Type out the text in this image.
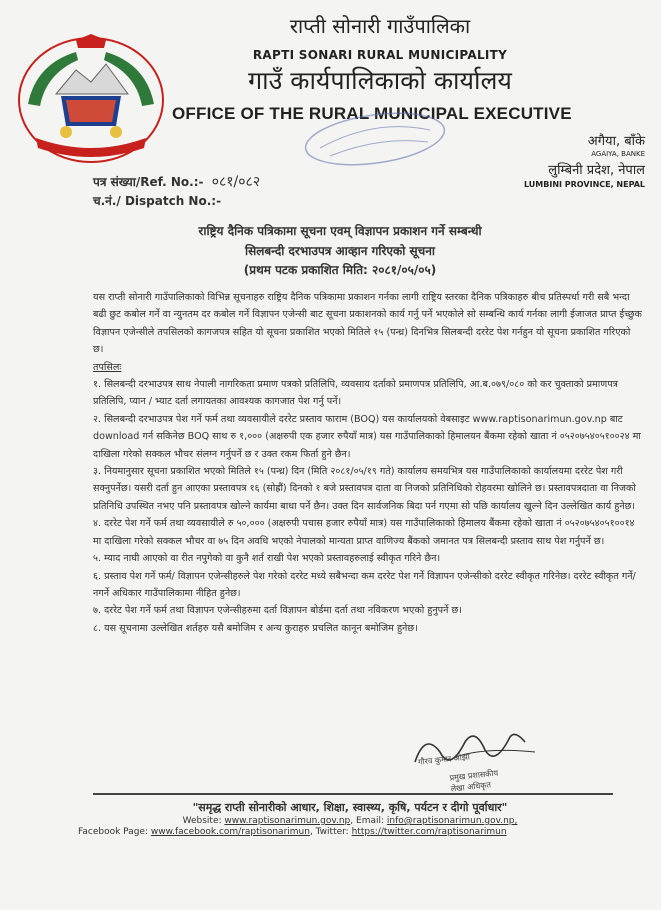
राप्ती सोनारी गाउँपालिका
RAPTI SONARI RURAL MUNICIPALITY
गाउँ कार्यपालिकाको कार्यालय
OFFICE OF THE RURAL MUNICIPAL EXECUTIVE
अगैया, बाँके
AGAIYA, BANKE
लुम्बिनी प्रदेश, नेपाल
LUMBINI PROVINCE, NEPAL
पत्र संख्या/Ref. No.:- ०८१/०८२
च.नं./ Dispatch No.:-
राष्ट्रिय दैनिक पत्रिकामा सूचना एवम् विज्ञापन प्रकाशन गर्ने सम्बन्धी
सिलबन्दी दरभाउपत्र आव्हान गरिएको सूचना
(प्रथम पटक प्रकाशित मिति: २०८१/०५/०५)

यस राप्ती सोनारी गाउँपालिकाको विभिन्न सूचनाहरु राष्ट्रिय दैनिक पत्रिकामा प्रकाशन गर्नका लागी राष्ट्रिय स्तरका दैनिक पत्रिकाहरु बीच प्रतिस्पर्धा गरी सबै भन्दा बढी छुट कबोल गर्ने वा न्युनतम दर कबोल गर्ने विज्ञापन एजेन्सी बाट सूचना प्रकाशनको कार्य गर्नु पर्ने भएकोले सो सम्बन्धि कार्य गर्नका लागी ईजाजत प्राप्त ईच्छुक विज्ञापन एजेन्सीले तपसिलको कागजपत्र सहित यो सूचना प्रकाशित भएको मितिले १५ (पन्ध्र) दिनभित्र सिलबन्दी दररेट पेश गर्नहुन यो सूचना प्रकाशित गरिएको छ।

तपसिलः

१. सिलबन्दी दरभाउपत्र साथ नेपाली नागरिकता प्रमाण पत्रको प्रतिलिपि, व्यवसाय दर्ताको प्रमाणपत्र प्रतिलिपि, आ.ब.०७९/०८० को कर चुक्ताको प्रमाणपत्र प्रतिलिपि, प्यान / भ्याट दर्ता लगायतका आवश्यक कागजात पेश गर्नु पर्ने।

२. सिलबन्दी दरभाउपत्र पेश गर्ने फर्म तथा व्यवसायीले दररेट प्रस्ताव फाराम (BOQ) यस कार्यालयको वेबसाइट www.raptisonarimun.gov.np बाट download गर्न सकिनेछ BOQ साथ रु १,००० (अक्षरुपी एक हजार रुपैयाँ मात्र) यस गाउँपालिकाको हिमालयन बैंकमा रहेको खाता नं ०५२०७५४०५१००२४ मा दाखिला गरेको सक्कल भौचर संलग्न गर्नुपर्ने छ र उक्त रकम फिर्ता हुने छैन।

३. नियमानुसार सूचना प्रकाशित भएको मितिले १५ (पन्ध्र) दिन (मिति २०८१/०५/१९ गते) कार्यालय समयभित्र यस गाउँपालिकाको कार्यालयमा दररेट पेश गरी सक्नुपर्नेछ। यसरी दर्ता हुन आएका प्रस्तावपत्र १६ (सोह्रौं) दिनको १ बजे प्रस्तावपत्र दाता वा निजको प्रतिनिधिको रोहवरमा खोलिने छ। प्रस्तावपत्रदाता वा निजको प्रतिनिधि उपस्थित नभए पनि प्रस्तावपत्र खोल्ने कार्यमा बाधा पर्ने छैन। उक्त दिन सार्वजनिक बिदा पर्न गएमा सो पछि कार्यालय खुल्ने दिन उल्लेखित कार्य हुनेछ।

४. दररेट पेश गर्ने फर्म तथा व्यवसायीले रु ५०,००० (अक्षरुपी पचास हजार रुपैयाँ मात्र) यस गाउँपालिकाको हिमालय बैंकमा रहेको खाता नं ०५२०७५४०५१००१४ मा दाखिला गरेको सक्कल भौचर वा ७५ दिन अवधि भएको नेपालको मान्यता प्राप्त वाणिज्य बैंकको जमानत पत्र सिलबन्दी प्रस्ताव साथ पेश गर्नुपर्ने छ।

५. म्याद नाघी आएको वा रीत नपुगेको वा कुनै शर्त राखी पेश भएको प्रस्तावहरुलाई स्वीकृत गरिने छैन।

६. प्रस्ताव पेश गर्ने फर्म/ विज्ञापन एजेन्सीहरुले पेश गरेको दररेट मध्ये सबैभन्दा कम दररेट पेश गर्ने विज्ञापन एजेन्सीको दररेट स्वीकृत गरिनेछ। दररेट स्वीकृत गर्ने/नगर्ने अधिकार गाउँपालिकामा नीहित हुनेछ।

७. दररेट पेश गर्ने फर्म तथा विज्ञापन एजेन्सीहरुमा दर्ता विज्ञापन बोर्डमा दर्ता तथा नविकरण भएको हुनुपर्ने छ।

८. यस सूचनामा उल्लेखित शर्तहरु यसै बमोजिम र अन्य कुराहरु प्रचलित कानून बमोजिम हुनेछ।

गौरव कुमार ओझा
प्रमुख प्रशासकीय
लेखा अधिकृत
"समृद्ध राप्ती सोनारीको आधार, शिक्षा, स्वास्थ्य, कृषि, पर्यटन र दीगो पूर्वाधार"
Website: www.raptisonarimun.gov.np, Email: info@raptisonarimun.gov.np,
Facebook Page: www.facebook.com/raptisonarimun, Twitter: https://twitter.com/raptisonarimun
